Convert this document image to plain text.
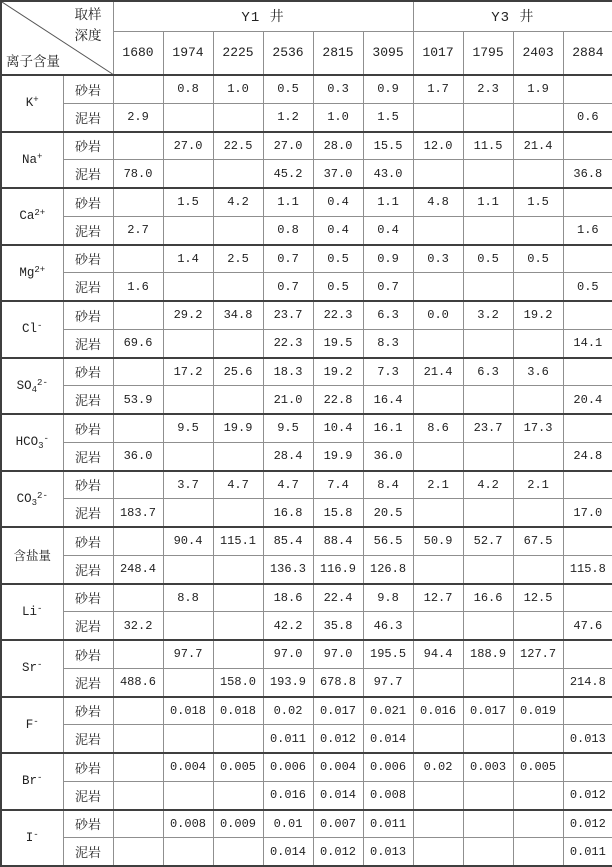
取样
深度
离子含量		Y1 井						Y3 井			
		1680	1974	2225	2536	2815	3095	1017	1795	2403	2884
K+	砂岩		0.8	1.0	0.5	0.3	0.9	1.7	2.3	1.9	
	泥岩	2.9			1.2	1.0	1.5				0.6
Na+	砂岩		27.0	22.5	27.0	28.0	15.5	12.0	11.5	21.4	
	泥岩	78.0			45.2	37.0	43.0				36.8
$Ca^{2+}$	砂岩		1.5	4.2	1.1	0.4	1.1	4.8	1.1	1.5	
	泥岩	2.7			0.8	0.4	0.4				1.6
$Mg^{2+}$	砂岩		1.4	2.5	0.7	0.5	0.9	0.3	0.5	0.5	
	泥岩	1.6			0.7	0.5	0.7				0.5
Cl-	砂岩		29.2	34.8	23.7	22.3	6.3	0.0	3.2	19.2	
	泥岩	69.6			22.3	19.5	8.3				14.1
$SO_4^{2-}$	砂岩		17.2	25.6	18.3	19.2	7.3	21.4	6.3	3.6	
	泥岩	53.9			21.0	22.8	16.4				20.4
$HCO_3^-$	砂岩		9.5	19.9	9.5	10.4	16.1	8.6	23.7	17.3	
	泥岩	36.0			28.4	19.9	36.0				24.8
$CO_3^{2-}$	砂岩		3.7	4.7	4.7	7.4	8.4	2.1	4.2	2.1	
	泥岩	183.7			16.8	15.8	20.5				17.0
含盐量	砂岩		90.4	115.1	85.4	88.4	56.5	50.9	52.7	67.5	
	泥岩	248.4			136.3	116.9	126.8				115.8
Li-	砂岩		8.8		18.6	22.4	9.8	12.7	16.6	12.5	
	泥岩	32.2			42.2	35.8	46.3				47.6
Sr-	砂岩		97.7		97.0	97.0	195.5	94.4	188.9	127.7	
	泥岩	488.6		158.0	193.9	678.8	97.7				214.8
F-	砂岩		0.018	0.018	0.02	0.017	0.021	0.016	0.017	0.019	
	泥岩				0.011	0.012	0.014				0.013
Br-	砂岩		0.004	0.005	0.006	0.004	0.006	0.02	0.003	0.005	
	泥岩				0.016	0.014	0.008				0.012
I-	砂岩		0.008	0.009	0.01	0.007	0.011				0.012
	泥岩				0.014	0.012	0.013				0.011
